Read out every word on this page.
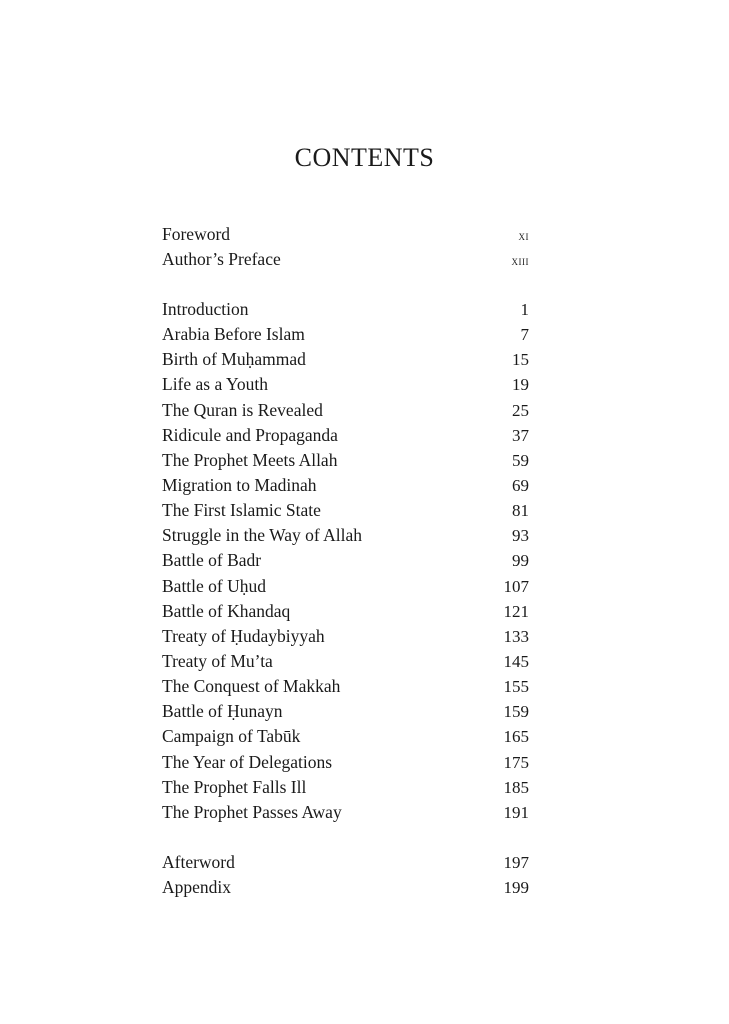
CONTENTS
Foreword	xi
Author’s Preface	xiii
Introduction	1
Arabia Before Islam	7
Birth of Muḥammad	15
Life as a Youth	19
The Quran is Revealed	25
Ridicule and Propaganda	37
The Prophet Meets Allah	59
Migration to Madinah	69
The First Islamic State	81
Struggle in the Way of Allah	93
Battle of Badr	99
Battle of Uḥud	107
Battle of Khandaq	121
Treaty of Ḥudaybiyyah	133
Treaty of Mu’ta	145
The Conquest of Makkah	155
Battle of Ḥunayn	159
Campaign of Tabūk	165
The Year of Delegations	175
The Prophet Falls Ill	185
The Prophet Passes Away	191
Afterword	197
Appendix	199
